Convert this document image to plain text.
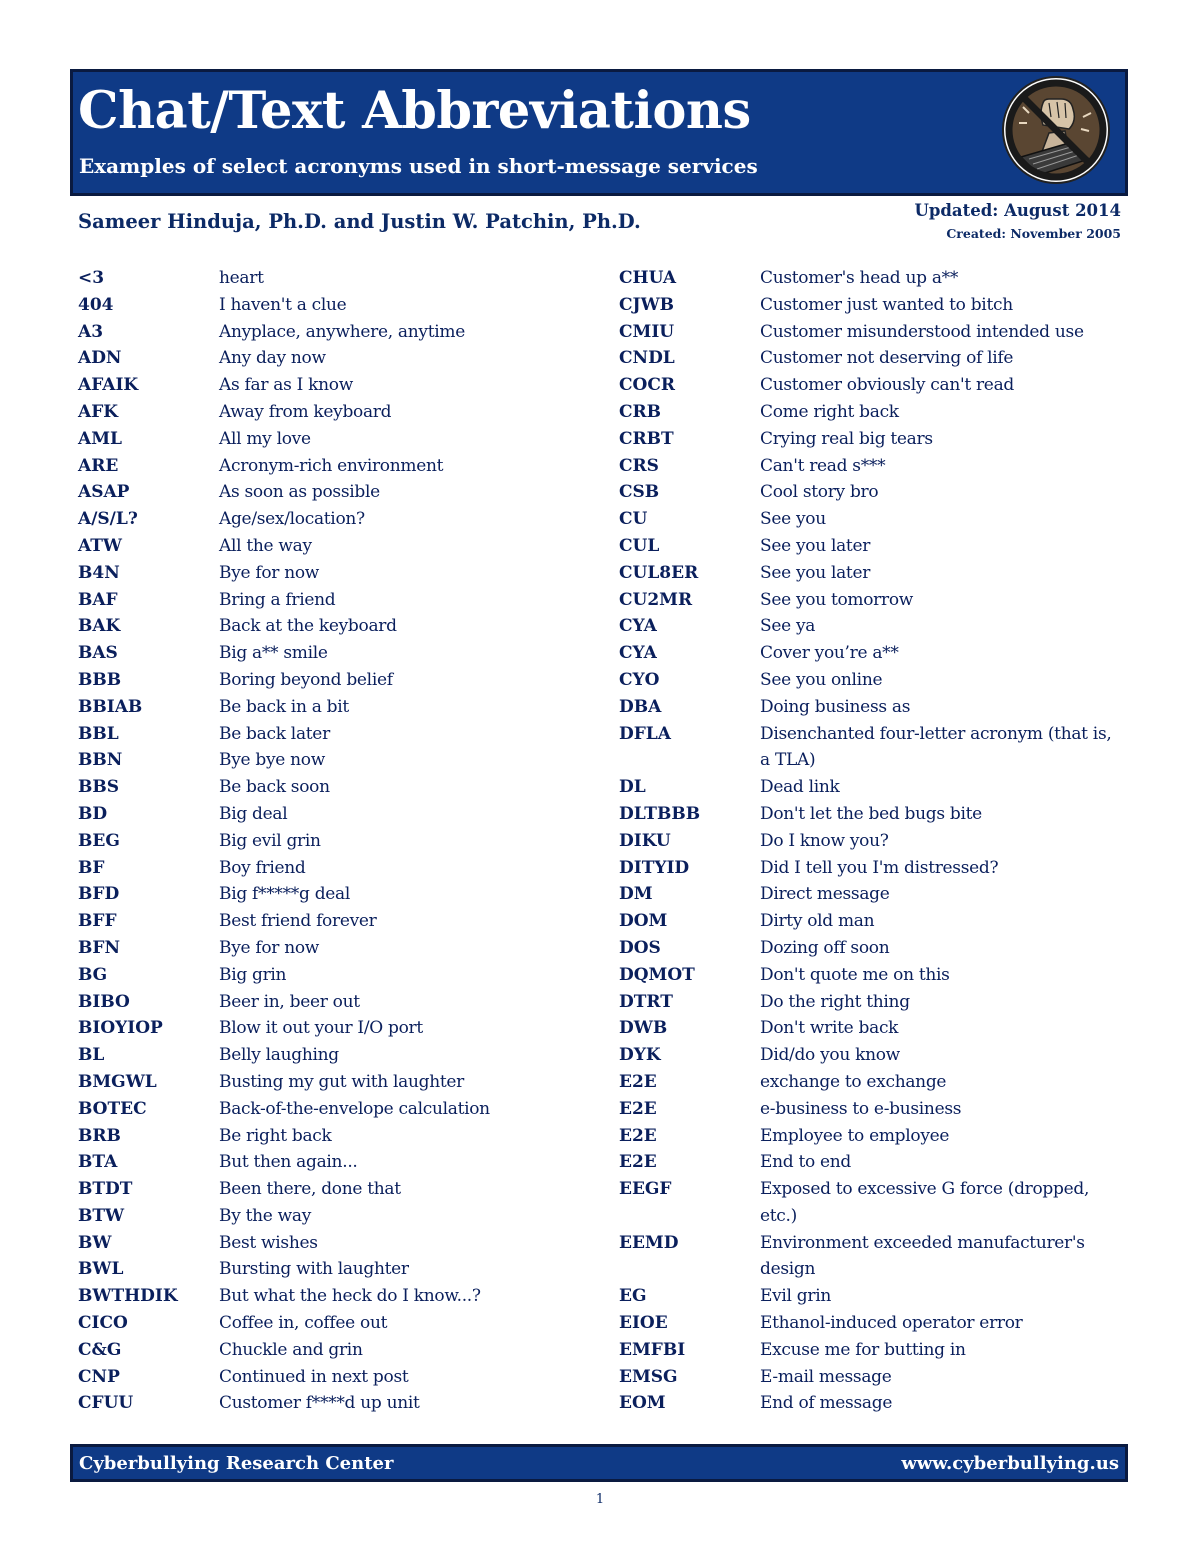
Chat/Text Abbreviations
Examples of select acronyms used in short-message services
Sameer Hinduja, Ph.D. and Justin W. Patchin, Ph.D.	Updated: August 2014
Created: November 2005
<3	heart
404	I haven't a clue
A3	Anyplace, anywhere, anytime
ADN	Any day now
AFAIK	As far as I know
AFK	Away from keyboard
AML	All my love
ARE	Acronym-rich environment
ASAP	As soon as possible
A/S/L?	Age/sex/location?
ATW	All the way
B4N	Bye for now
BAF	Bring a friend
BAK	Back at the keyboard
BAS	Big a** smile
BBB	Boring beyond belief
BBIAB	Be back in a bit
BBL	Be back later
BBN	Bye bye now
BBS	Be back soon
BD	Big deal
BEG	Big evil grin
BF	Boy friend
BFD	Big f*****g deal
BFF	Best friend forever
BFN	Bye for now
BG	Big grin
BIBO	Beer in, beer out
BIOYIOP	Blow it out your I/O port
BL	Belly laughing
BMGWL	Busting my gut with laughter
BOTEC	Back-of-the-envelope calculation
BRB	Be right back
BTA	But then again...
BTDT	Been there, done that
BTW	By the way
BW	Best wishes
BWL	Bursting with laughter
BWTHDIK	But what the heck do I know...?
CICO	Coffee in, coffee out
C&G	Chuckle and grin
CNP	Continued in next post
CFUU	Customer f****d up unit
CHUA	Customer's head up a**
CJWB	Customer just wanted to bitch
CMIU	Customer misunderstood intended use
CNDL	Customer not deserving of life
COCR	Customer obviously can't read
CRB	Come right back
CRBT	Crying real big tears
CRS	Can't read s***
CSB	Cool story bro
CU	See you
CUL	See you later
CUL8ER	See you later
CU2MR	See you tomorrow
CYA	See ya
CYA	Cover you’re a**
CYO	See you online
DBA	Doing business as
DFLA	Disenchanted four-letter acronym (that is, a TLA)
DL	Dead link
DLTBBB	Don't let the bed bugs bite
DIKU	Do I know you?
DITYID	Did I tell you I'm distressed?
DM	Direct message
DOM	Dirty old man
DOS	Dozing off soon
DQMOT	Don't quote me on this
DTRT	Do the right thing
DWB	Don't write back
DYK	Did/do you know
E2E	exchange to exchange
E2E	e-business to e-business
E2E	Employee to employee
E2E	End to end
EEGF	Exposed to excessive G force (dropped, etc.)
EEMD	Environment exceeded manufacturer's design
EG	Evil grin
EIOE	Ethanol-induced operator error
EMFBI	Excuse me for butting in
EMSG	E-mail message
EOM	End of message
Cyberbullying Research Center	www.cyberbullying.us
1
